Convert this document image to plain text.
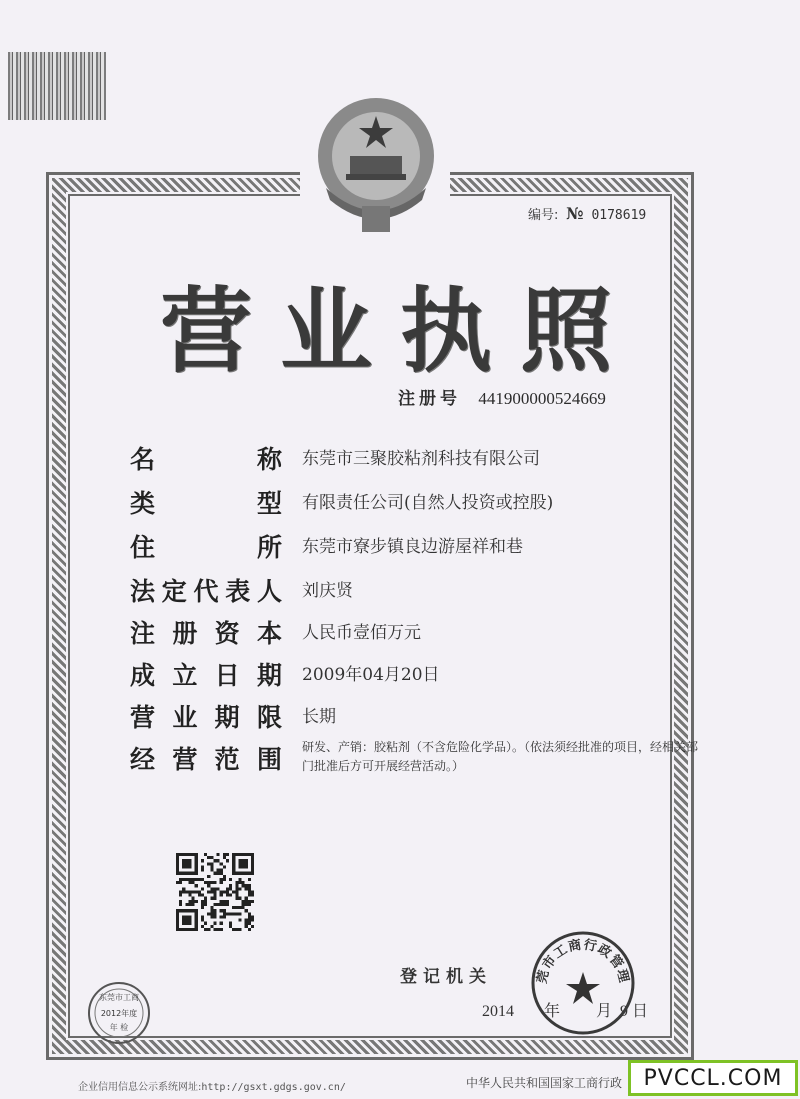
编号: № 0178619
营业执照
注册号 441900000524669
名	称 东莞市三聚胶粘剂科技有限公司
类	型 有限责任公司(自然人投资或控股)
住	所 东莞市寮步镇良边游屋祥和巷
法 定 代 表 人 刘庆贤
注 册 资 本 人民币壹佰万元
成 立 日 期 2009年04月20日
营 业 期 限 长期
经 营 范 围 研发、产销：胶粘剂（不含危险化学品）。（依法须经批准的项目，经相关部门批准后方可开展经营活动。）
东莞市工商
2012年度
年 检
登记机关
2014 年 月 9 日
莞市工商行政管理
企业信用信息公示系统网址:http://gsxt.gdgs.gov.cn/	中华人民共和国国家工商行政 PVCCL.COM
